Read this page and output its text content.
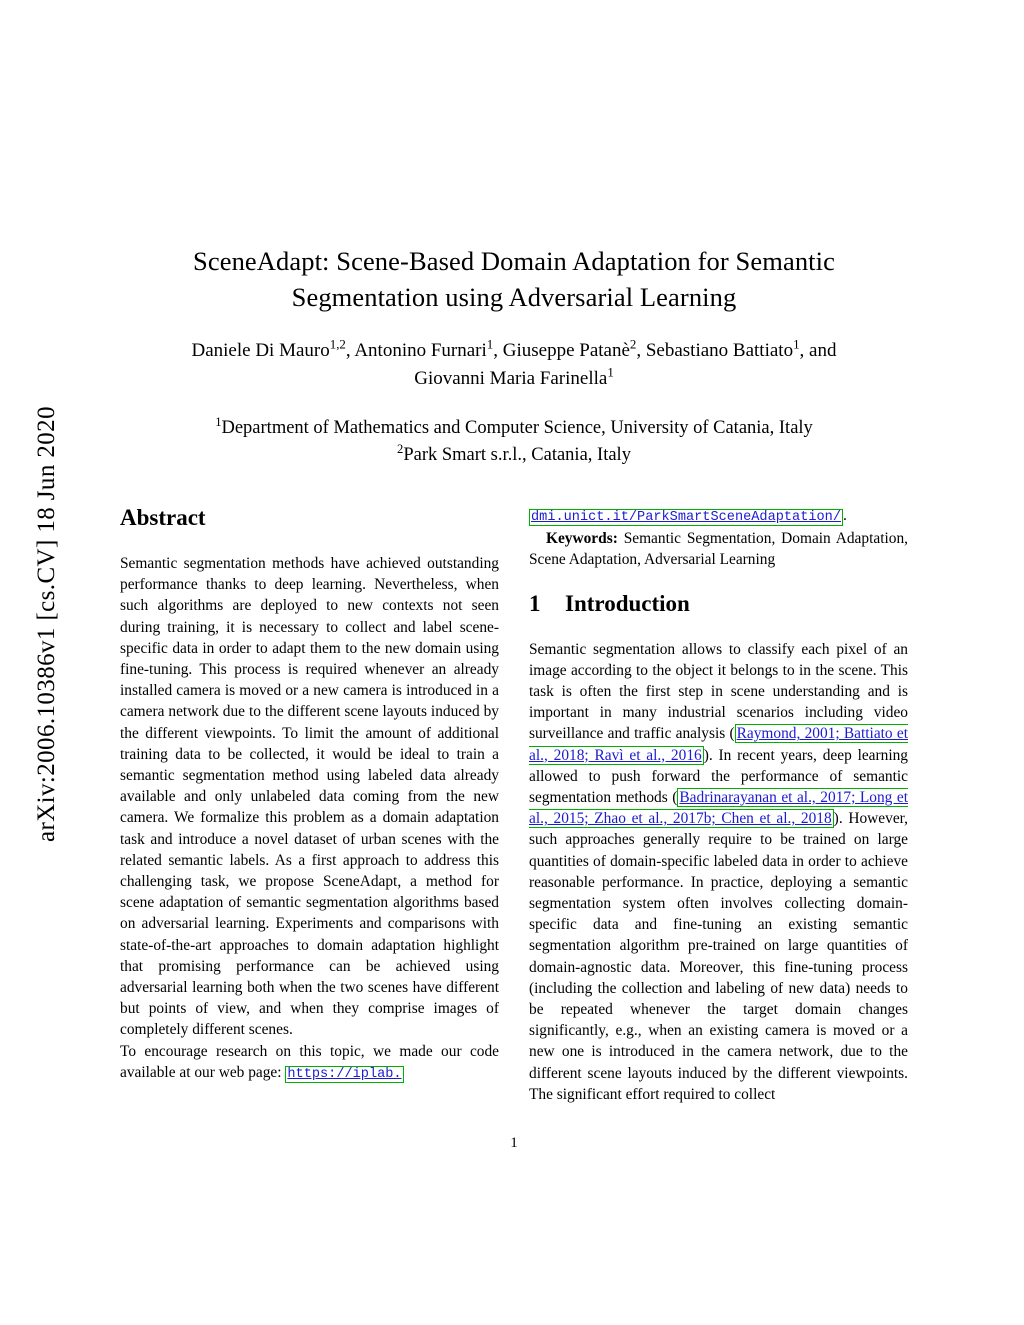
arXiv:2006.10386v1 [cs.CV] 18 Jun 2020
SceneAdapt: Scene-Based Domain Adaptation for Semantic
Segmentation using Adversarial Learning
Daniele Di Mauro$^{1,2}$, Antonino Furnari$^1$, Giuseppe Patanè$^2$, Sebastiano Battiato$^1$, and
Giovanni Maria Farinella$^1$
$^1$Department of Mathematics and Computer Science, University of Catania, Italy
$^2$Park Smart s.r.l., Catania, Italy
Abstract

Semantic segmentation methods have achieved outstanding performance thanks to deep learning. Nevertheless, when such algorithms are deployed to new contexts not seen during training, it is necessary to collect and label scene-specific data in order to adapt them to the new domain using fine-tuning. This process is required whenever an already installed camera is moved or a new camera is introduced in a camera network due to the different scene layouts induced by the different viewpoints. To limit the amount of additional training data to be collected, it would be ideal to train a semantic segmentation method using labeled data already available and only unlabeled data coming from the new camera. We formalize this problem as a domain adaptation task and introduce a novel dataset of urban scenes with the related semantic labels. As a first approach to address this challenging task, we propose SceneAdapt, a method for scene adaptation of semantic segmentation algorithms based on adversarial learning. Experiments and comparisons with state-of-the-art approaches to domain adaptation highlight that promising performance can be achieved using adversarial learning both when the two scenes have different but points of view, and when they comprise images of completely different scenes.

To encourage research on this topic, we made our code available at our web page: https://iplab.

dmi.unict.it/ParkSmartSceneAdaptation/ .

Keywords: Semantic Segmentation, Domain Adaptation, Scene Adaptation, Adversarial Learning

1 Introduction

Semantic segmentation allows to classify each pixel of an image according to the object it belongs to in the scene. This task is often the first step in scene understanding and is important in many industrial scenarios including video surveillance and traffic analysis ( Raymond, 2001; Battiato et al., 2018; Ravì et al., 2016 ). In recent years, deep learning allowed to push forward the performance of semantic segmentation methods ( Badrinarayanan et al., 2017; Long et al., 2015; Zhao et al., 2017b; Chen et al., 2018 ). However, such approaches generally require to be trained on large quantities of domain-specific labeled data in order to achieve reasonable performance. In practice, deploying a semantic segmentation system often involves collecting domain-specific data and fine-tuning an existing semantic segmentation algorithm pre-trained on large quantities of domain-agnostic data. Moreover, this fine-tuning process (including the collection and labeling of new data) needs to be repeated whenever the target domain changes significantly, e.g., when an existing camera is moved or a new one is introduced in the camera network, due to the different scene layouts induced by the different viewpoints. The significant effort required to collect

1
